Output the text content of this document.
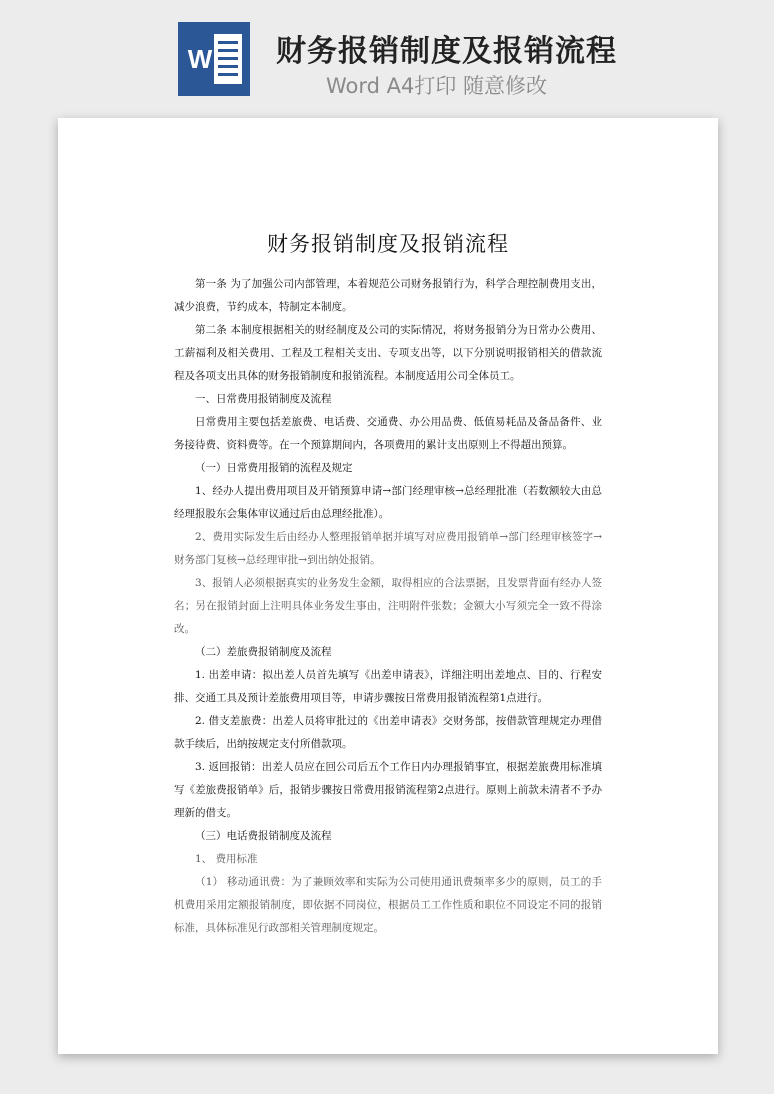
W 财务报销制度及报销流程
Word A4打印 随意修改
财务报销制度及报销流程

第一条 为了加强公司内部管理，本着规范公司财务报销行为，科学合理控制费用支出，减少浪费，节约成本，特制定本制度。

第二条 本制度根据相关的财经制度及公司的实际情况，将财务报销分为日常办公费用、工薪福利及相关费用、工程及工程相关支出、专项支出等，以下分别说明报销相关的借款流程及各项支出具体的财务报销制度和报销流程。本制度适用公司全体员工。

一、日常费用报销制度及流程

日常费用主要包括差旅费、电话费、交通费、办公用品费、低值易耗品及备品备件、业务接待费、资料费等。在一个预算期间内，各项费用的累计支出原则上不得超出预算。

（一）日常费用报销的流程及规定

1、经办人提出费用项目及开销预算申请→部门经理审核→总经理批准（若数额较大由总经理报股东会集体审议通过后由总理经批准）。

2、费用实际发生后由经办人整理报销单据并填写对应费用报销单→部门经理审核签字→财务部门复核→总经理审批→到出纳处报销。

3、报销人必须根据真实的业务发生金额，取得相应的合法票据，且发票背面有经办人签名；另在报销封面上注明具体业务发生事由，注明附件张数；金额大小写须完全一致不得涂改。

（二）差旅费报销制度及流程

1. 出差申请：拟出差人员首先填写《出差申请表》，详细注明出差地点、目的、行程安排、交通工具及预计差旅费用项目等，申请步骤按日常费用报销流程第1点进行。

2. 借支差旅费：出差人员将审批过的《出差申请表》交财务部，按借款管理规定办理借款手续后，出纳按规定支付所借款项。

3. 返回报销：出差人员应在回公司后五个工作日内办理报销事宜，根据差旅费用标准填写《差旅费报销单》后，报销步骤按日常费用报销流程第2点进行。原则上前款未清者不予办理新的借支。

（三）电话费报销制度及流程

1、 费用标准

（1） 移动通讯费：为了兼顾效率和实际为公司使用通讯费频率多少的原则，员工的手机费用采用定额报销制度，即依据不同岗位，根据员工工作性质和职位不同设定不同的报销标准，具体标准见行政部相关管理制度规定。
